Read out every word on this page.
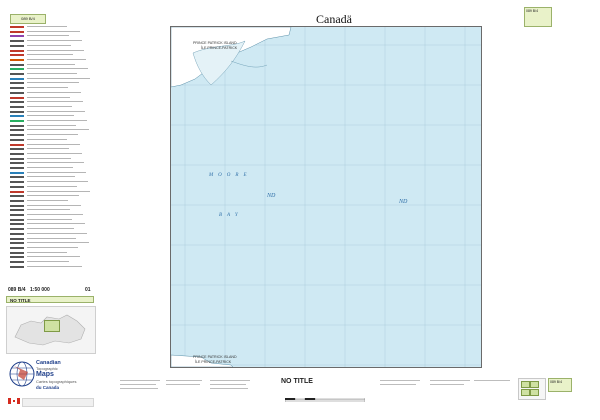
089 B/4
089 B/4 1:50 000	01
NO TITLE
Canadian
Topographic
Maps
Cartes topographiques
du Canada
Canadä
089 B/4
PRINCE PATRICK ISLAND
ÎLE PRINCE-PATRICK
MOORE
BAY
ND
ND
PRINCE PATRICK ISLAND
ÎLE PRINCE-PATRICK
NO TITLE	089 B/4
